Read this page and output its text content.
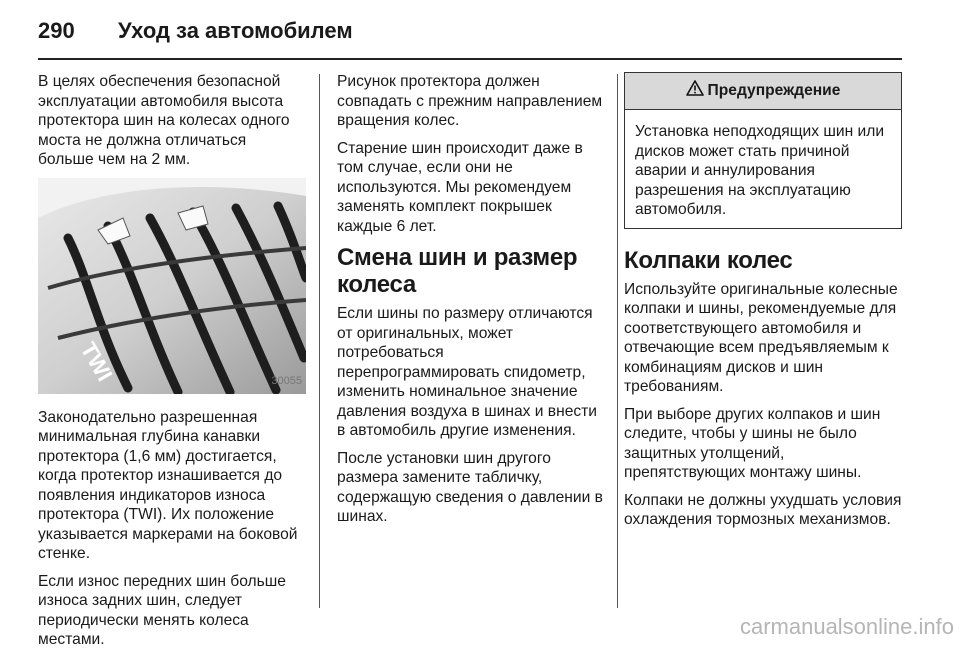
290	Уход за автомобилем

В целях обеспечения безопасной эксплуатации автомобиля высота протектора шин на колесах одного моста не должна отличаться больше чем на 2 мм.

TWI	30055

Законодательно разрешенная минимальная глубина канавки протектора (1,6 мм) достигается, когда протектор изнашивается до появления индикаторов износа протектора (TWI). Их положение указывается маркерами на боковой стенке.

Если износ передних шин больше износа задних шин, следует периодически менять колеса местами.

Рисунок протектора должен совпадать с прежним направлением вращения колес.

Старение шин происходит даже в том случае, если они не используются. Мы рекомендуем заменять комплект покрышек каждые 6 лет.

Смена шин и размер колеса

Если шины по размеру отличаются от оригинальных, может потребоваться перепрограммировать спидометр, изменить номинальное значение давления воздуха в шинах и внести в автомобиль другие изменения.

После установки шин другого размера замените табличку, содержащую сведения о давлении в шинах.

Предупреждение
Установка неподходящих шин или дисков может стать причиной аварии и аннулирования разрешения на эксплуатацию автомобиля.
Колпаки колес

Используйте оригинальные колесные колпаки и шины, рекомендуемые для соответствующего автомобиля и отвечающие всем предъявляемым к комбинациям дисков и шин требованиям.

При выборе других колпаков и шин следите, чтобы у шины не было защитных утолщений, препятствующих монтажу шины.

Колпаки не должны ухудшать условия охлаждения тормозных механизмов.

carmanualsonline.info
